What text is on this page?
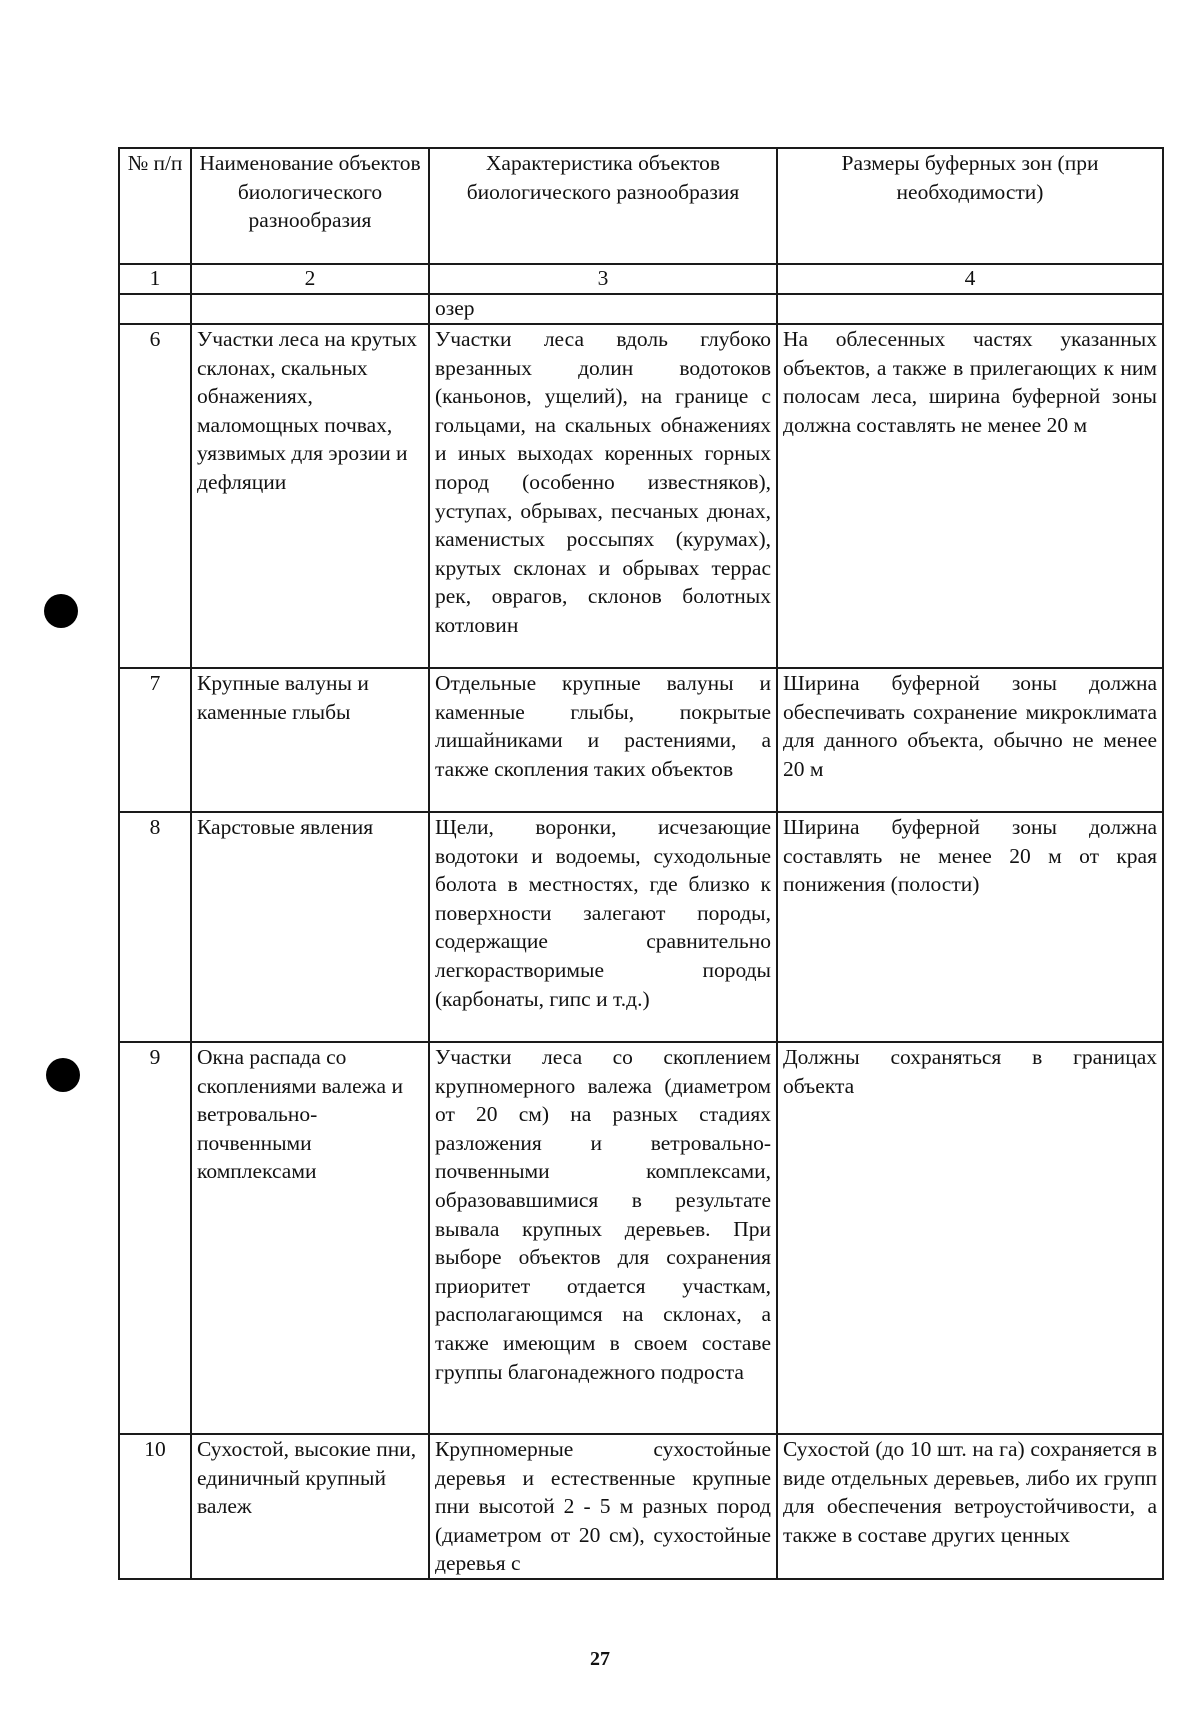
№ п/п	Наименование объектов биологического разнообразия	Характеристика объектов биологического разнообразия	Размеры буферных зон (при необходимости)
1	2	3	4
		озер	
6	Участки леса на крутых склонах, скальных обнажениях, маломощных почвах, уязвимых для эрозии и дефляции	Участки леса вдоль глубоко врезанных долин водотоков (каньонов, ущелий), на границе с гольцами, на скальных обнажениях и иных выходах коренных горных пород (особенно известняков), уступах, обрывах, песчаных дюнах, каменистых россыпях (курумах), крутых склонах и обрывах террас рек, оврагов, склонов болотных котловин	На облесенных частях указанных объектов, а также в прилегающих к ним полосам леса, ширина буферной зоны должна составлять не менее 20 м
7	Крупные валуны и каменные глыбы	Отдельные крупные валуны и каменные глыбы, покрытые лишайниками и растениями, а также скопления таких объектов	Ширина буферной зоны должна обеспечивать сохранение микроклимата для данного объекта, обычно не менее 20 м
8	Карстовые явления	Щели, воронки, исчезающие водотоки и водоемы, суходольные болота в местностях, где близко к поверхности залегают породы, содержащие сравнительно легкорастворимые породы (карбонаты, гипс и т.д.)	Ширина буферной зоны должна составлять не менее 20 м от края понижения (полости)
9	Окна распада со скоплениями валежа и ветровально-почвенными комплексами	Участки леса со скоплением крупномерного валежа (диаметром от 20 см) на разных стадиях разложения и ветровально-почвенными комплексами, образовавшимися в результате вывала крупных деревьев. При выборе объектов для сохранения приоритет отдается участкам, располагающимся на склонах, а также имеющим в своем составе группы благонадежного подроста	Должны сохраняться в границах объекта
10	Сухостой, высокие пни, единичный крупный валеж	Крупномерные сухостойные деревья и естественные крупные пни высотой 2 - 5 м разных пород (диаметром от 20 см), сухостойные деревья с	Сухостой (до 10 шт. на га) сохраняется в виде отдельных деревьев, либо их групп для обеспечения ветроустойчивости, а также в составе других ценных
27
